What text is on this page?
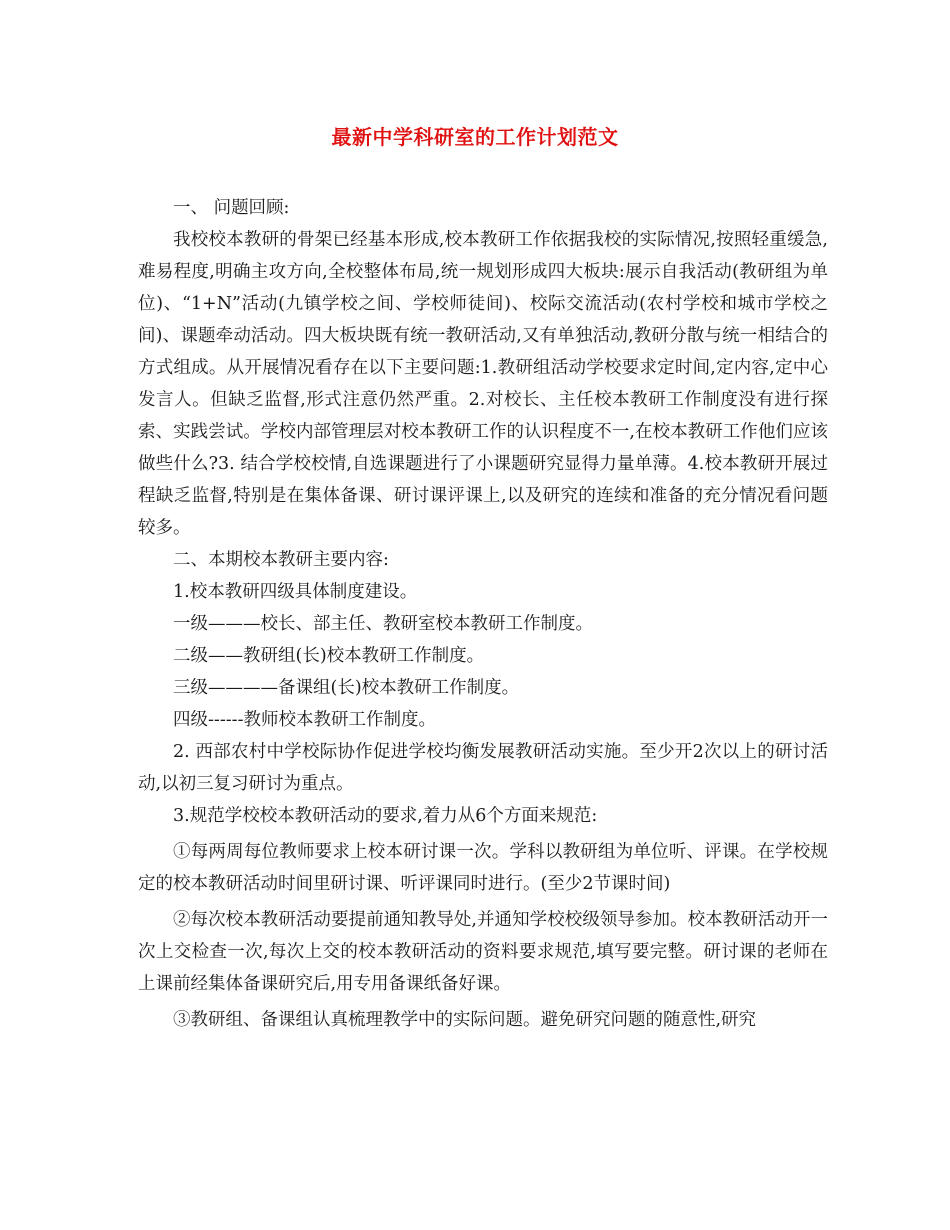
最新中学科研室的工作计划范文

一、 问题回顾:

我校校本教研的骨架已经基本形成,校本教研工作依据我校的实际情况,按照轻重缓急,难易程度,明确主攻方向,全校整体布局,统一规划形成四大板块:展示自我活动(教研组为单位)、“1+N”活动(九镇学校之间、学校师徒间)、校际交流活动(农村学校和城市学校之间)、课题牵动活动。四大板块既有统一教研活动,又有单独活动,教研分散与统一相结合的方式组成。从开展情况看存在以下主要问题:1.教研组活动学校要求定时间,定内容,定中心发言人。但缺乏监督,形式注意仍然严重。2.对校长、主任校本教研工作制度没有进行探索、实践尝试。学校内部管理层对校本教研工作的认识程度不一,在校本教研工作他们应该做些什么?3. 结合学校校情,自选课题进行了小课题研究显得力量单薄。4.校本教研开展过程缺乏监督,特别是在集体备课、研讨课评课上,以及研究的连续和准备的充分情况看问题较多。

二、本期校本教研主要内容:

1.校本教研四级具体制度建设。

一级———校长、部主任、教研室校本教研工作制度。

二级——教研组(长)校本教研工作制度。

三级————备课组(长)校本教研工作制度。

四级------教师校本教研工作制度。

2. 西部农村中学校际协作促进学校均衡发展教研活动实施。至少开2次以上的研讨活动,以初三复习研讨为重点。

3.规范学校校本教研活动的要求,着力从6个方面来规范:

①每两周每位教师要求上校本研讨课一次。学科以教研组为单位听、评课。在学校规定的校本教研活动时间里研讨课、听评课同时进行。(至少2节课时间)

②每次校本教研活动要提前通知教导处,并通知学校校级领导参加。校本教研活动开一次上交检查一次,每次上交的校本教研活动的资料要求规范,填写要完整。研讨课的老师在上课前经集体备课研究后,用专用备课纸备好课。

③教研组、备课组认真梳理教学中的实际问题。避免研究问题的随意性,研究
